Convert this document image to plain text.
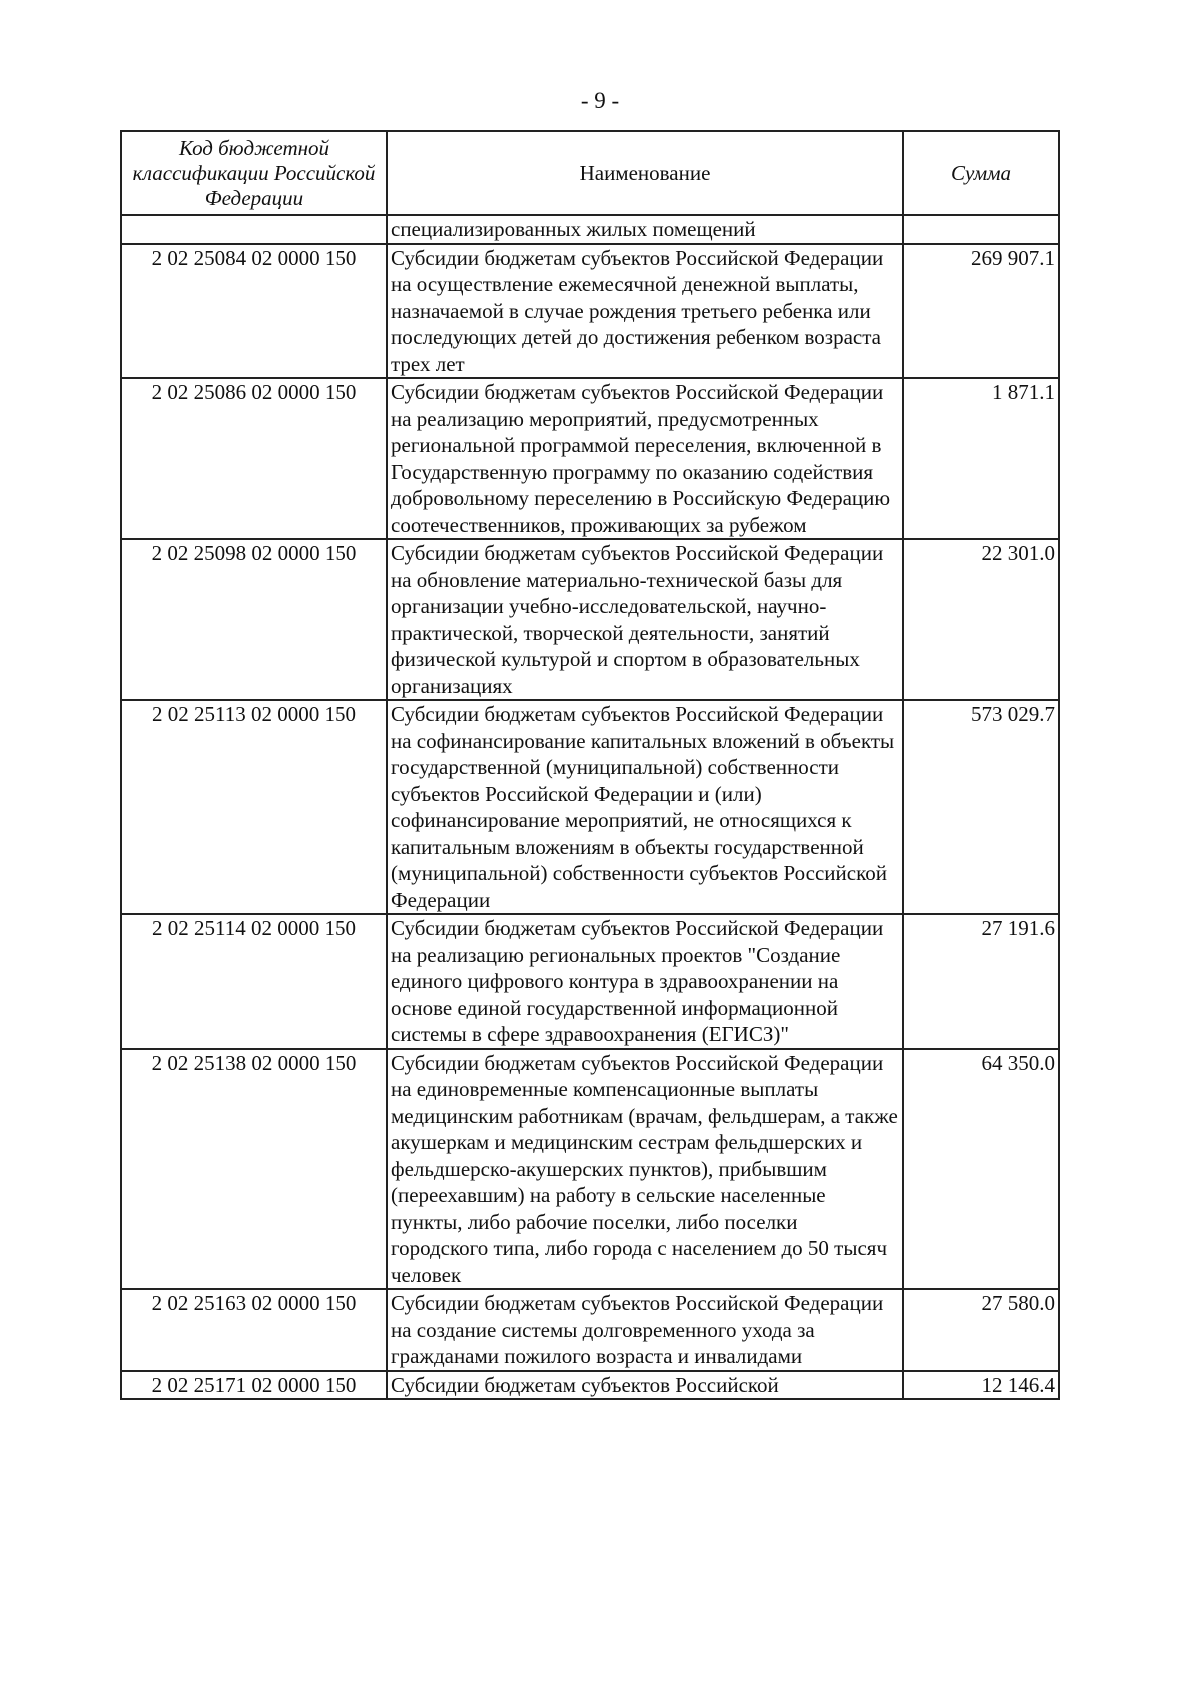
- 9 -
Код бюджетной классификации Российской Федерации	Наименование	Сумма
	специализированных жилых помещений	
2 02 25084 02 0000 150	Субсидии бюджетам субъектов Российской Федерации на осуществление ежемесячной денежной выплаты, назначаемой в случае рождения третьего ребенка или последующих детей до достижения ребенком возраста трех лет	269 907.1
2 02 25086 02 0000 150	Субсидии бюджетам субъектов Российской Федерации на реализацию мероприятий, предусмотренных региональной программой переселения, включенной в Государственную программу по оказанию содействия добровольному переселению в Российскую Федерацию соотечественников, проживающих за рубежом	1 871.1
2 02 25098 02 0000 150	Субсидии бюджетам субъектов Российской Федерации на обновление материально-технической базы для организации учебно-исследовательской, научно-практической, творческой деятельности, занятий физической культурой и спортом в образовательных организациях	22 301.0
2 02 25113 02 0000 150	Субсидии бюджетам субъектов Российской Федерации на софинансирование капитальных вложений в объекты государственной (муниципальной) собственности субъектов Российской Федерации и (или) софинансирование мероприятий, не относящихся к капитальным вложениям в объекты государственной (муниципальной) собственности субъектов Российской Федерации	573 029.7
2 02 25114 02 0000 150	Субсидии бюджетам субъектов Российской Федерации на реализацию региональных проектов "Создание единого цифрового контура в здравоохранении на основе единой государственной информационной системы в сфере здравоохранения (ЕГИСЗ)"	27 191.6
2 02 25138 02 0000 150	Субсидии бюджетам субъектов Российской Федерации на единовременные компенсационные выплаты медицинским работникам (врачам, фельдшерам, а также акушеркам и медицинским сестрам фельдшерских и фельдшерско-акушерских пунктов), прибывшим (переехавшим) на работу в сельские населенные пункты, либо рабочие поселки, либо поселки городского типа, либо города с населением до 50 тысяч человек	64 350.0
2 02 25163 02 0000 150	Субсидии бюджетам субъектов Российской Федерации на создание системы долговременного ухода за гражданами пожилого возраста и инвалидами	27 580.0
2 02 25171 02 0000 150	Субсидии бюджетам субъектов Российской	12 146.4
